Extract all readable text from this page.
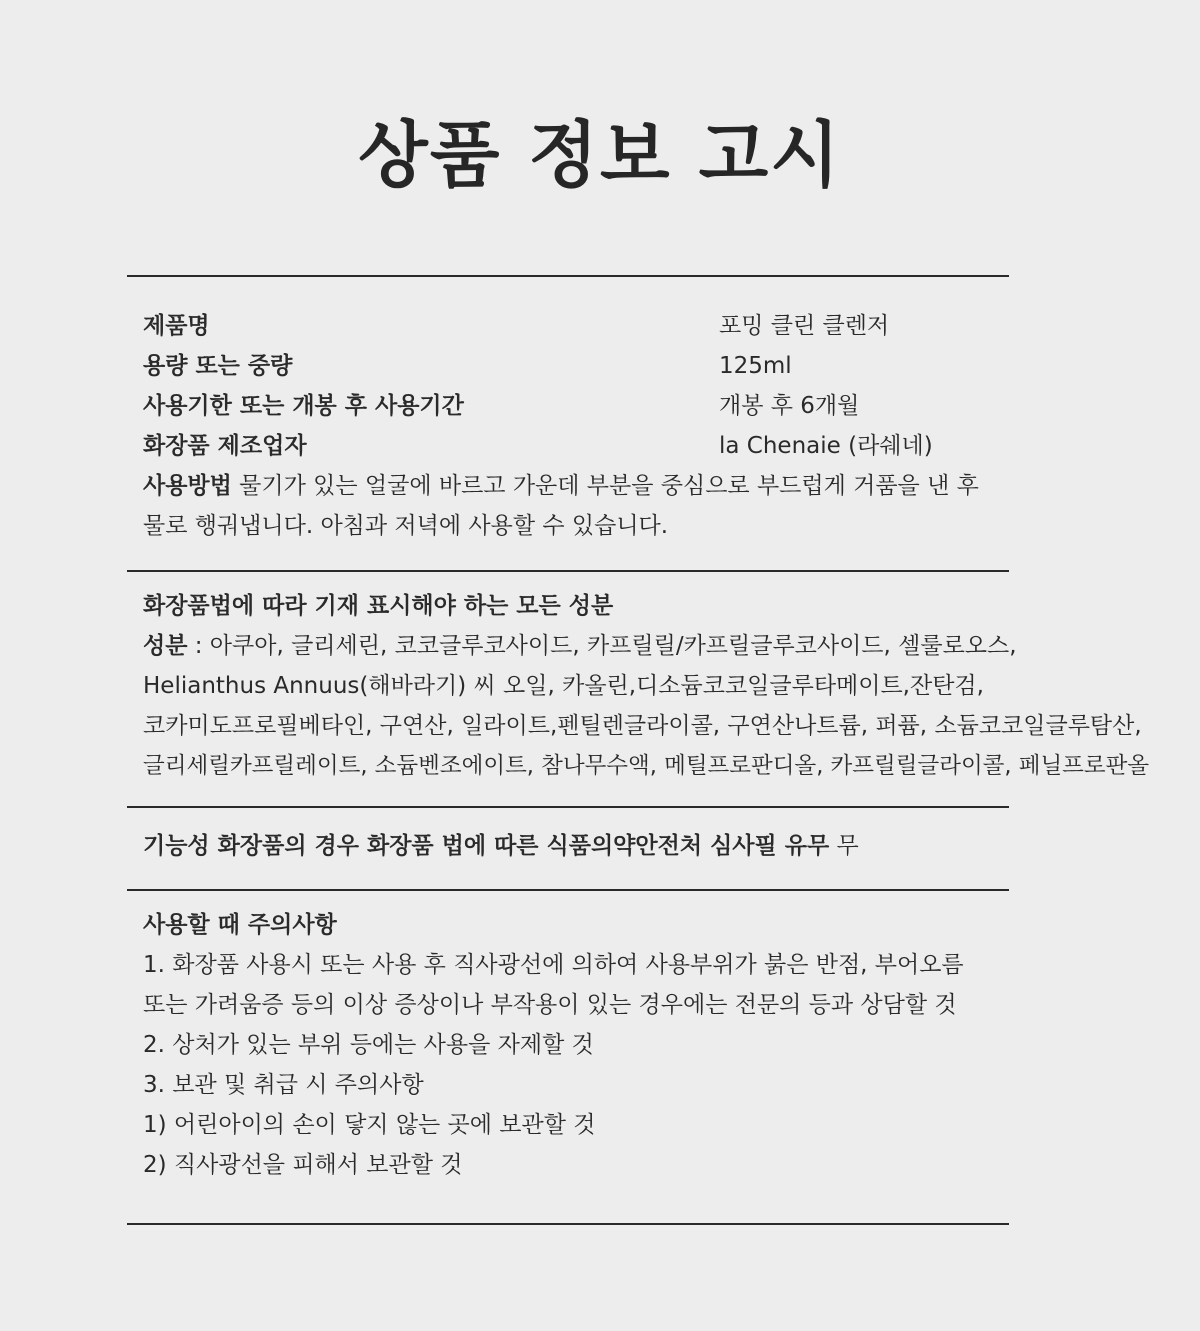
상품 정보 고시
제품명	포밍 클린 클렌저
용량 또는 중량	125ml
사용기한 또는 개봉 후 사용기간	개봉 후 6개월
화장품 제조업자	la Chenaie (라쉐네)
사용방법 물기가 있는 얼굴에 바르고 가운데 부분을 중심으로 부드럽게 거품을 낸 후
물로 행궈냅니다. 아침과 저녁에 사용할 수 있습니다.
화장품법에 따라 기재 표시해야 하는 모든 성분
성분 : 아쿠아, 글리세린, 코코글루코사이드, 카프릴릴/카프릴글루코사이드, 셀룰로오스,
Helianthus Annuus(해바라기) 씨 오일, 카올린,디소듐코코일글루타메이트,잔탄검,
코카미도프로필베타인, 구연산, 일라이트,펜틸렌글라이콜, 구연산나트륨, 퍼퓸, 소듐코코일글루탐산,
글리세릴카프릴레이트, 소듐벤조에이트, 참나무수액, 메틸프로판디올, 카프릴릴글라이콜, 페닐프로판올
기능성 화장품의 경우 화장품 법에 따른 식품의약안전처 심사필 유무 무
사용할 때 주의사항
1. 화장품 사용시 또는 사용 후 직사광선에 의하여 사용부위가 붉은 반점, 부어오름
또는 가려움증 등의 이상 증상이나 부작용이 있는 경우에는 전문의 등과 상담할 것
2. 상처가 있는 부위 등에는 사용을 자제할 것
3. 보관 및 취급 시 주의사항
1) 어린아이의 손이 닿지 않는 곳에 보관할 것
2) 직사광선을 피해서 보관할 것
